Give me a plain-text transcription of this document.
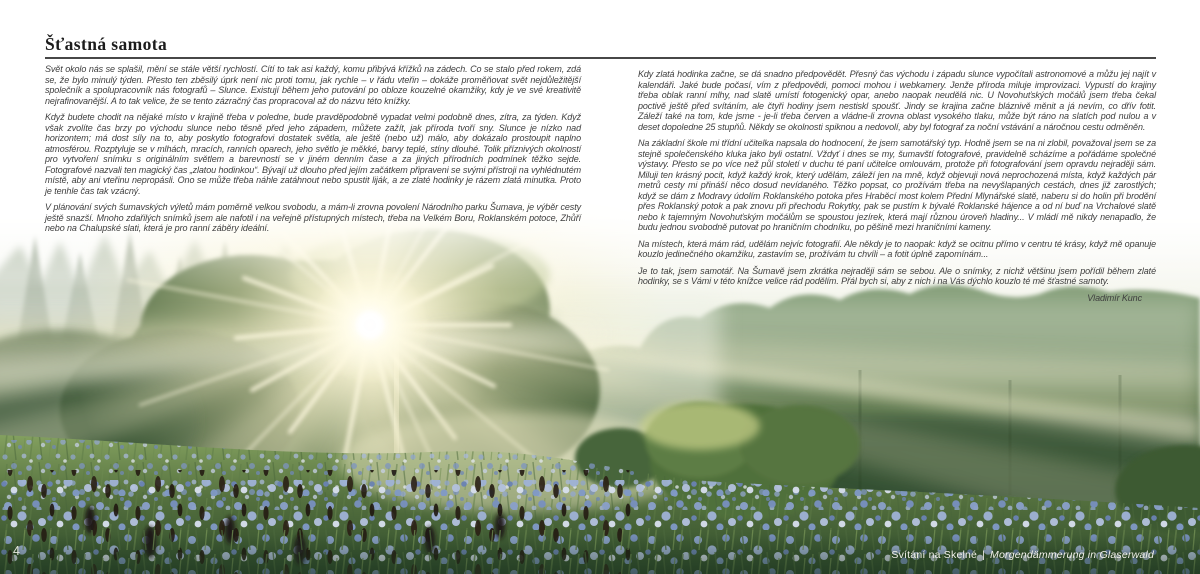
Šťastná samota

Svět okolo nás se splašil, mění se stále větší rychlostí. Cítí to tak asi každý, komu přibývá křížků na zádech. Co se stalo před rokem, zdá se, že bylo minulý týden. Přesto ten zběsilý úprk není nic proti tomu, jak rychle – v řádu vteřin – dokáže proměňovat svět nejdůležitější společník a spolupracovník nás fotografů – Slunce. Existují během jeho putování po obloze kouzelné okamžiky, kdy je ve své kreativitě nejrafinovanější. A to tak velice, že se tento zázračný čas propracoval až do názvu této knížky.

Když budete chodit na nějaké místo v krajině třeba v poledne, bude pravděpodobně vypadat velmi podobně dnes, zítra, za týden. Když však zvolíte čas brzy po východu slunce nebo těsně před jeho západem, můžete zažít, jak příroda tvoří sny. Slunce je nízko nad horizontem; má dost síly na to, aby poskytlo fotografovi dostatek světla, ale ještě (nebo už) málo, aby dokázalo prostoupit naplno atmosférou. Rozptyluje se v mlhách, mracích, ranních oparech, jeho světlo je měkké, barvy teplé, stíny dlouhé. Tolik příznivých okolností pro vytvoření snímku s originálním světlem a barevností se v jiném denním čase a za jiných přírodních podmínek těžko sejde. Fotografové nazvali ten magický čas „zlatou hodinkou“. Bývají už dlouho před jejím začátkem připraveni se svými přístroji na vyhlédnutém místě, aby ani vteřinu nepropásli. Ono se může třeba náhle zatáhnout nebo spustit liják, a ze zlaté hodinky je rázem zlatá minutka. Proto je tenhle čas tak vzácný.

V plánování svých šumavských výletů mám poměrně velkou svobodu, a mám-li zrovna povolení Národního parku Šumava, je výběr cesty ještě snazší. Mnoho zdařilých snímků jsem ale nafotil i na veřejně přístupných místech, třeba na Velkém Boru, Roklanském potoce, Zhůří nebo na Chalupské slati, která je pro ranní záběry ideální.

Kdy zlatá hodinka začne, se dá snadno předpovědět. Přesný čas východu i západu slunce vypočítali astronomové a můžu jej najít v kalendáři. Jaké bude počasí, vím z předpovědi, pomoci mohou i webkamery. Jenže příroda miluje improvizaci. Vypustí do krajiny třeba oblak ranní mlhy, nad slatě umístí fotogenický opar, anebo naopak neudělá nic. U Novohuťských močálů jsem třeba čekal poctivě ještě před svítáním, ale čtyři hodiny jsem nestiskl spoušť. Jindy se krajina začne bláznivě měnit a já nevím, co dřív fotit. Záleží také na tom, kde jsme - je-li třeba červen a vládne-li zrovna oblast vysokého tlaku, může být ráno na slatích pod nulou a v deset dopoledne 25 stupňů. Někdy se okolnosti spiknou a nedovolí, aby byl fotograf za noční vstávání a náročnou cestu odměněn.

Na základní škole mi třídní učitelka napsala do hodnocení, že jsem samotářský typ. Hodně jsem se na ni zlobil, považoval jsem se za stejně společenského kluka jako byli ostatní. Vždyť i dnes se my, šumavští fotografové, pravidelně scházíme a pořádáme společné výstavy. Přesto se po více než půl století v duchu té paní učitelce omlouvám, protože při fotografování jsem opravdu nejraději sám. Miluji ten krásný pocit, když každý krok, který udělám, záleží jen na mně, když objevuji nová neprochozená místa, když každých pár metrů cesty mi přináší něco dosud nevídaného. Těžko popsat, co prožívám třeba na nevyšlapaných cestách, dnes již zarostlých; když se dám z Modravy údolím Roklanského potoka přes Hraběcí most kolem Přední Mlynářské slatě, naberu si do holin při brodění přes Roklanský potok a pak znovu při přechodu Rokytky, pak se pustím k bývalé Roklanské hájence a od ní buď na Vrchalové slatě nebo k tajemným Novohuťským močálům se spoustou jezírek, která mají různou úroveň hladiny... V mládí mě nikdy nenapadlo, že budu jednou svobodně putovat po hraničním chodníku, po pěšině mezi hraničními kameny.

Na místech, která mám rád, udělám nejvíc fotografií. Ale někdy je to naopak: když se ocitnu přímo v centru té krásy, když mě opanuje kouzlo jedinečného okamžiku, zastavím se, prožívám tu chvíli – a fotit úplně zapomínám...

Je to tak, jsem samotář. Na Šumavě jsem zkrátka nejraději sám se sebou. Ale o snímky, z nichž většinu jsem pořídil během zlaté hodinky, se s Vámi v této knížce velice rád podělím. Přál bych si, aby z nich i na Vás dýchlo kouzlo té mé šťastné samoty.

Vladimír Kunc

Svítání na Skelné | Morgendämmerung in Glaserwald
4
